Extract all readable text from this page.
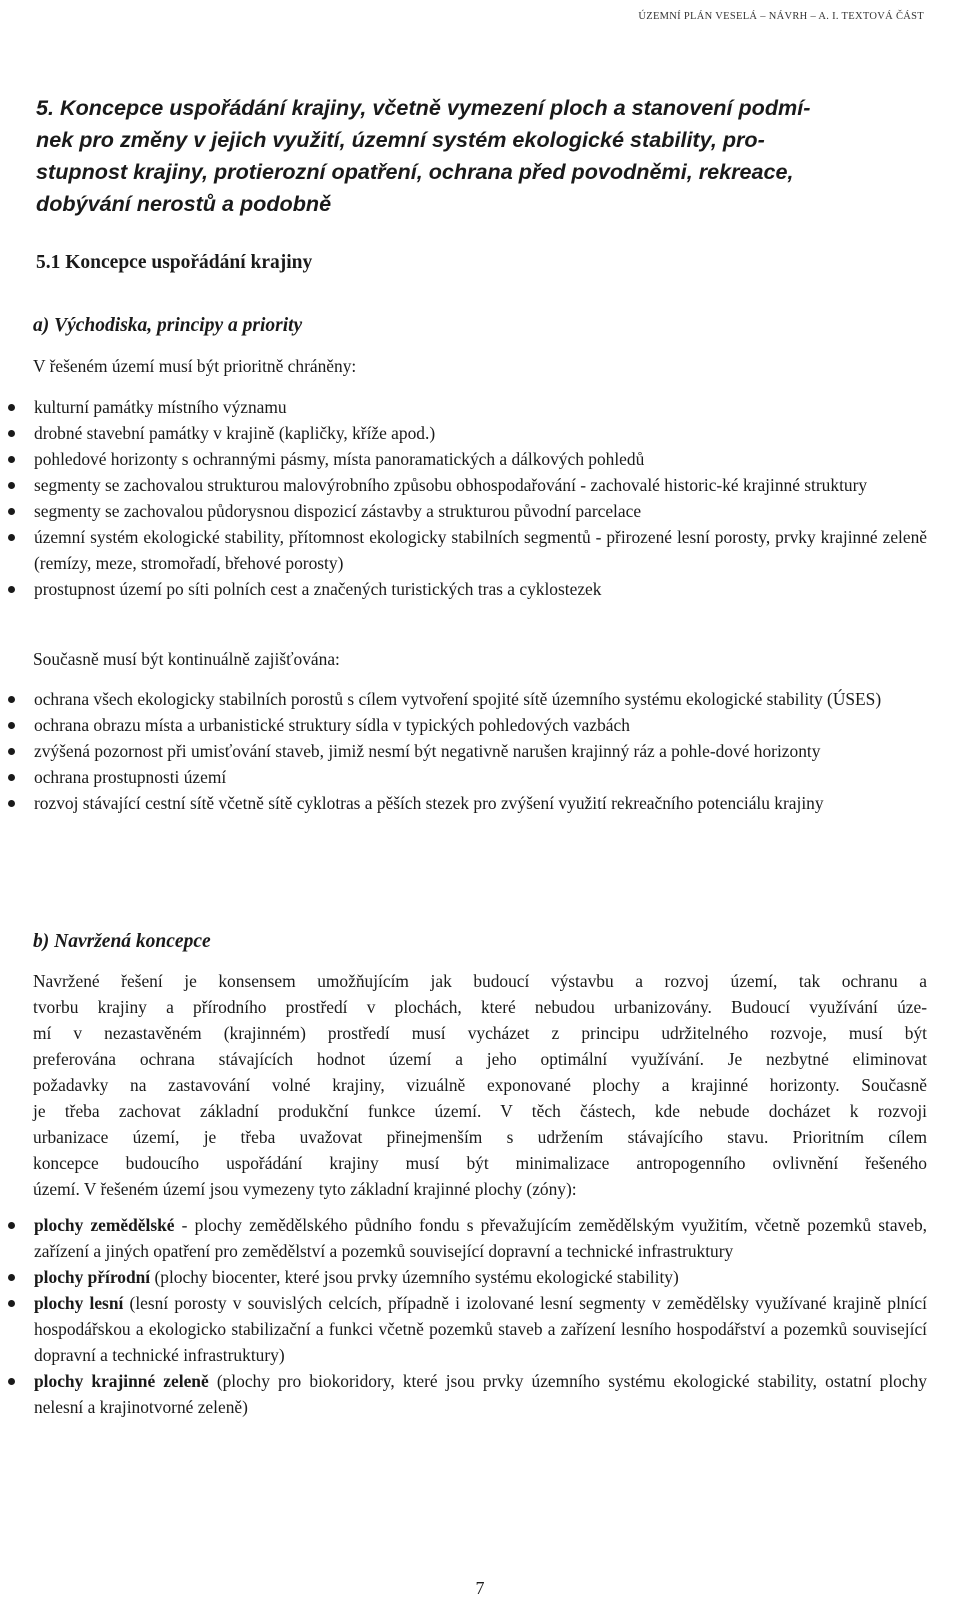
ÚZEMNÍ PLÁN VESELÁ – NÁVRH – A. I. TEXTOVÁ ČÁST
5. Koncepce uspořádání krajiny, včetně vymezení ploch a stanovení podmí-
nek pro změny v jejich využití, územní systém ekologické stability, pro-
stupnost krajiny, protierozní opatření, ochrana před povodněmi, rekreace,
dobývání nerostů a podobně
5.1 Koncepce uspořádání krajiny
a) Východiska, principy a priority

V řešeném území musí být prioritně chráněny:

kulturní památky místního významu
drobné stavební památky v krajině (kapličky, kříže apod.)
pohledové horizonty s ochrannými pásmy, místa panoramatických a dálkových pohledů
segmenty se zachovalou strukturou malovýrobního způsobu obhospodařování - zachovalé historic-ké krajinné struktury
segmenty se zachovalou půdorysnou dispozicí zástavby a strukturou původní parcelace
územní systém ekologické stability, přítomnost ekologicky stabilních segmentů - přirozené lesní porosty, prvky krajinné zeleně (remízy, meze, stromořadí, břehové porosty)
prostupnost území po síti polních cest a značených turistických tras a cyklostezek

Současně musí být kontinuálně zajišťována:

ochrana všech ekologicky stabilních porostů s cílem vytvoření spojité sítě územního systému ekologické stability (ÚSES)
ochrana obrazu místa a urbanistické struktury sídla v typických pohledových vazbách
zvýšená pozornost při umisťování staveb, jimiž nesmí být negativně narušen krajinný ráz a pohle-dové horizonty
ochrana prostupnosti území
rozvoj stávající cestní sítě včetně sítě cyklotras a pěších stezek pro zvýšení využití rekreačního potenciálu krajiny
b) Navržená koncepce

Navržené řešení je konsensem umožňujícím jak budoucí výstavbu a rozvoj území, tak ochranu a
tvorbu krajiny a přírodního prostředí v plochách, které nebudou urbanizovány. Budoucí využívání úze-
mí v nezastavěném (krajinném) prostředí musí vycházet z principu udržitelného rozvoje, musí být
preferována ochrana stávajících hodnot území a jeho optimální využívání. Je nezbytné eliminovat
požadavky na zastavování volné krajiny, vizuálně exponované plochy a krajinné horizonty. Současně
je třeba zachovat základní produkční funkce území. V těch částech, kde nebude docházet k rozvoji
urbanizace území, je třeba uvažovat přinejmenším s udržením stávajícího stavu. Prioritním cílem
koncepce budoucího uspořádání krajiny musí být minimalizace antropogenního ovlivnění řešeného
území. V řešeném území jsou vymezeny tyto základní krajinné plochy (zóny):

plochy zemědělské - plochy zemědělského půdního fondu s převažujícím zemědělským využitím, včetně pozemků staveb, zařízení a jiných opatření pro zemědělství a pozemků související dopravní a technické infrastruktury
plochy přírodní (plochy biocenter, které jsou prvky územního systému ekologické stability)
plochy lesní (lesní porosty v souvislých celcích, případně i izolované lesní segmenty v zemědělsky využívané krajině plnící hospodářskou a ekologicko stabilizační a funkci včetně pozemků staveb a zařízení lesního hospodářství a pozemků související dopravní a technické infrastruktury)
plochy krajinné zeleně (plochy pro biokoridory, které jsou prvky územního systému ekologické stability, ostatní plochy nelesní a krajinotvorné zeleně)
7
